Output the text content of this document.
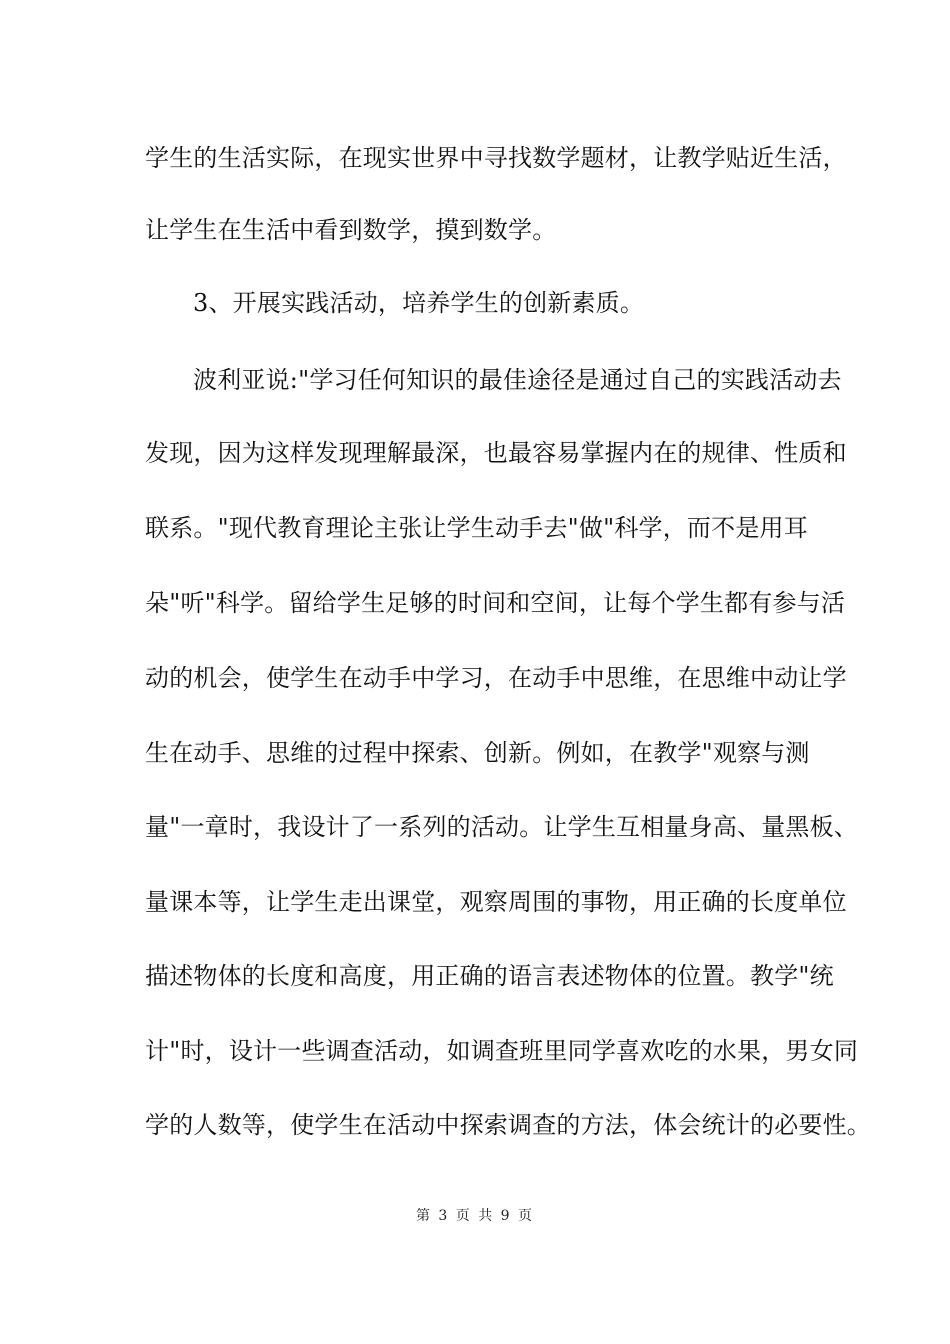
学生的生活实际，在现实世界中寻找数学题材，让教学贴近生活，
让学生在生活中看到数学，摸到数学。
3、开展实践活动，培养学生的创新素质。
波利亚说:"学习任何知识的最佳途径是通过自己的实践活动去
发现，因为这样发现理解最深，也最容易掌握内在的规律、性质和
联系。"现代教育理论主张让学生动手去"做"科学，而不是用耳
朵"听"科学。留给学生足够的时间和空间，让每个学生都有参与活
动的机会，使学生在动手中学习，在动手中思维，在思维中动让学
生在动手、思维的过程中探索、创新。例如，在教学"观察与测
量"一章时，我设计了一系列的活动。让学生互相量身高、量黑板、
量课本等，让学生走出课堂，观察周围的事物，用正确的长度单位
描述物体的长度和高度，用正确的语言表述物体的位置。教学"统
计"时，设计一些调查活动，如调查班里同学喜欢吃的水果，男女同
学的人数等，使学生在活动中探索调查的方法，体会统计的必要性。
第 3 页 共 9 页
